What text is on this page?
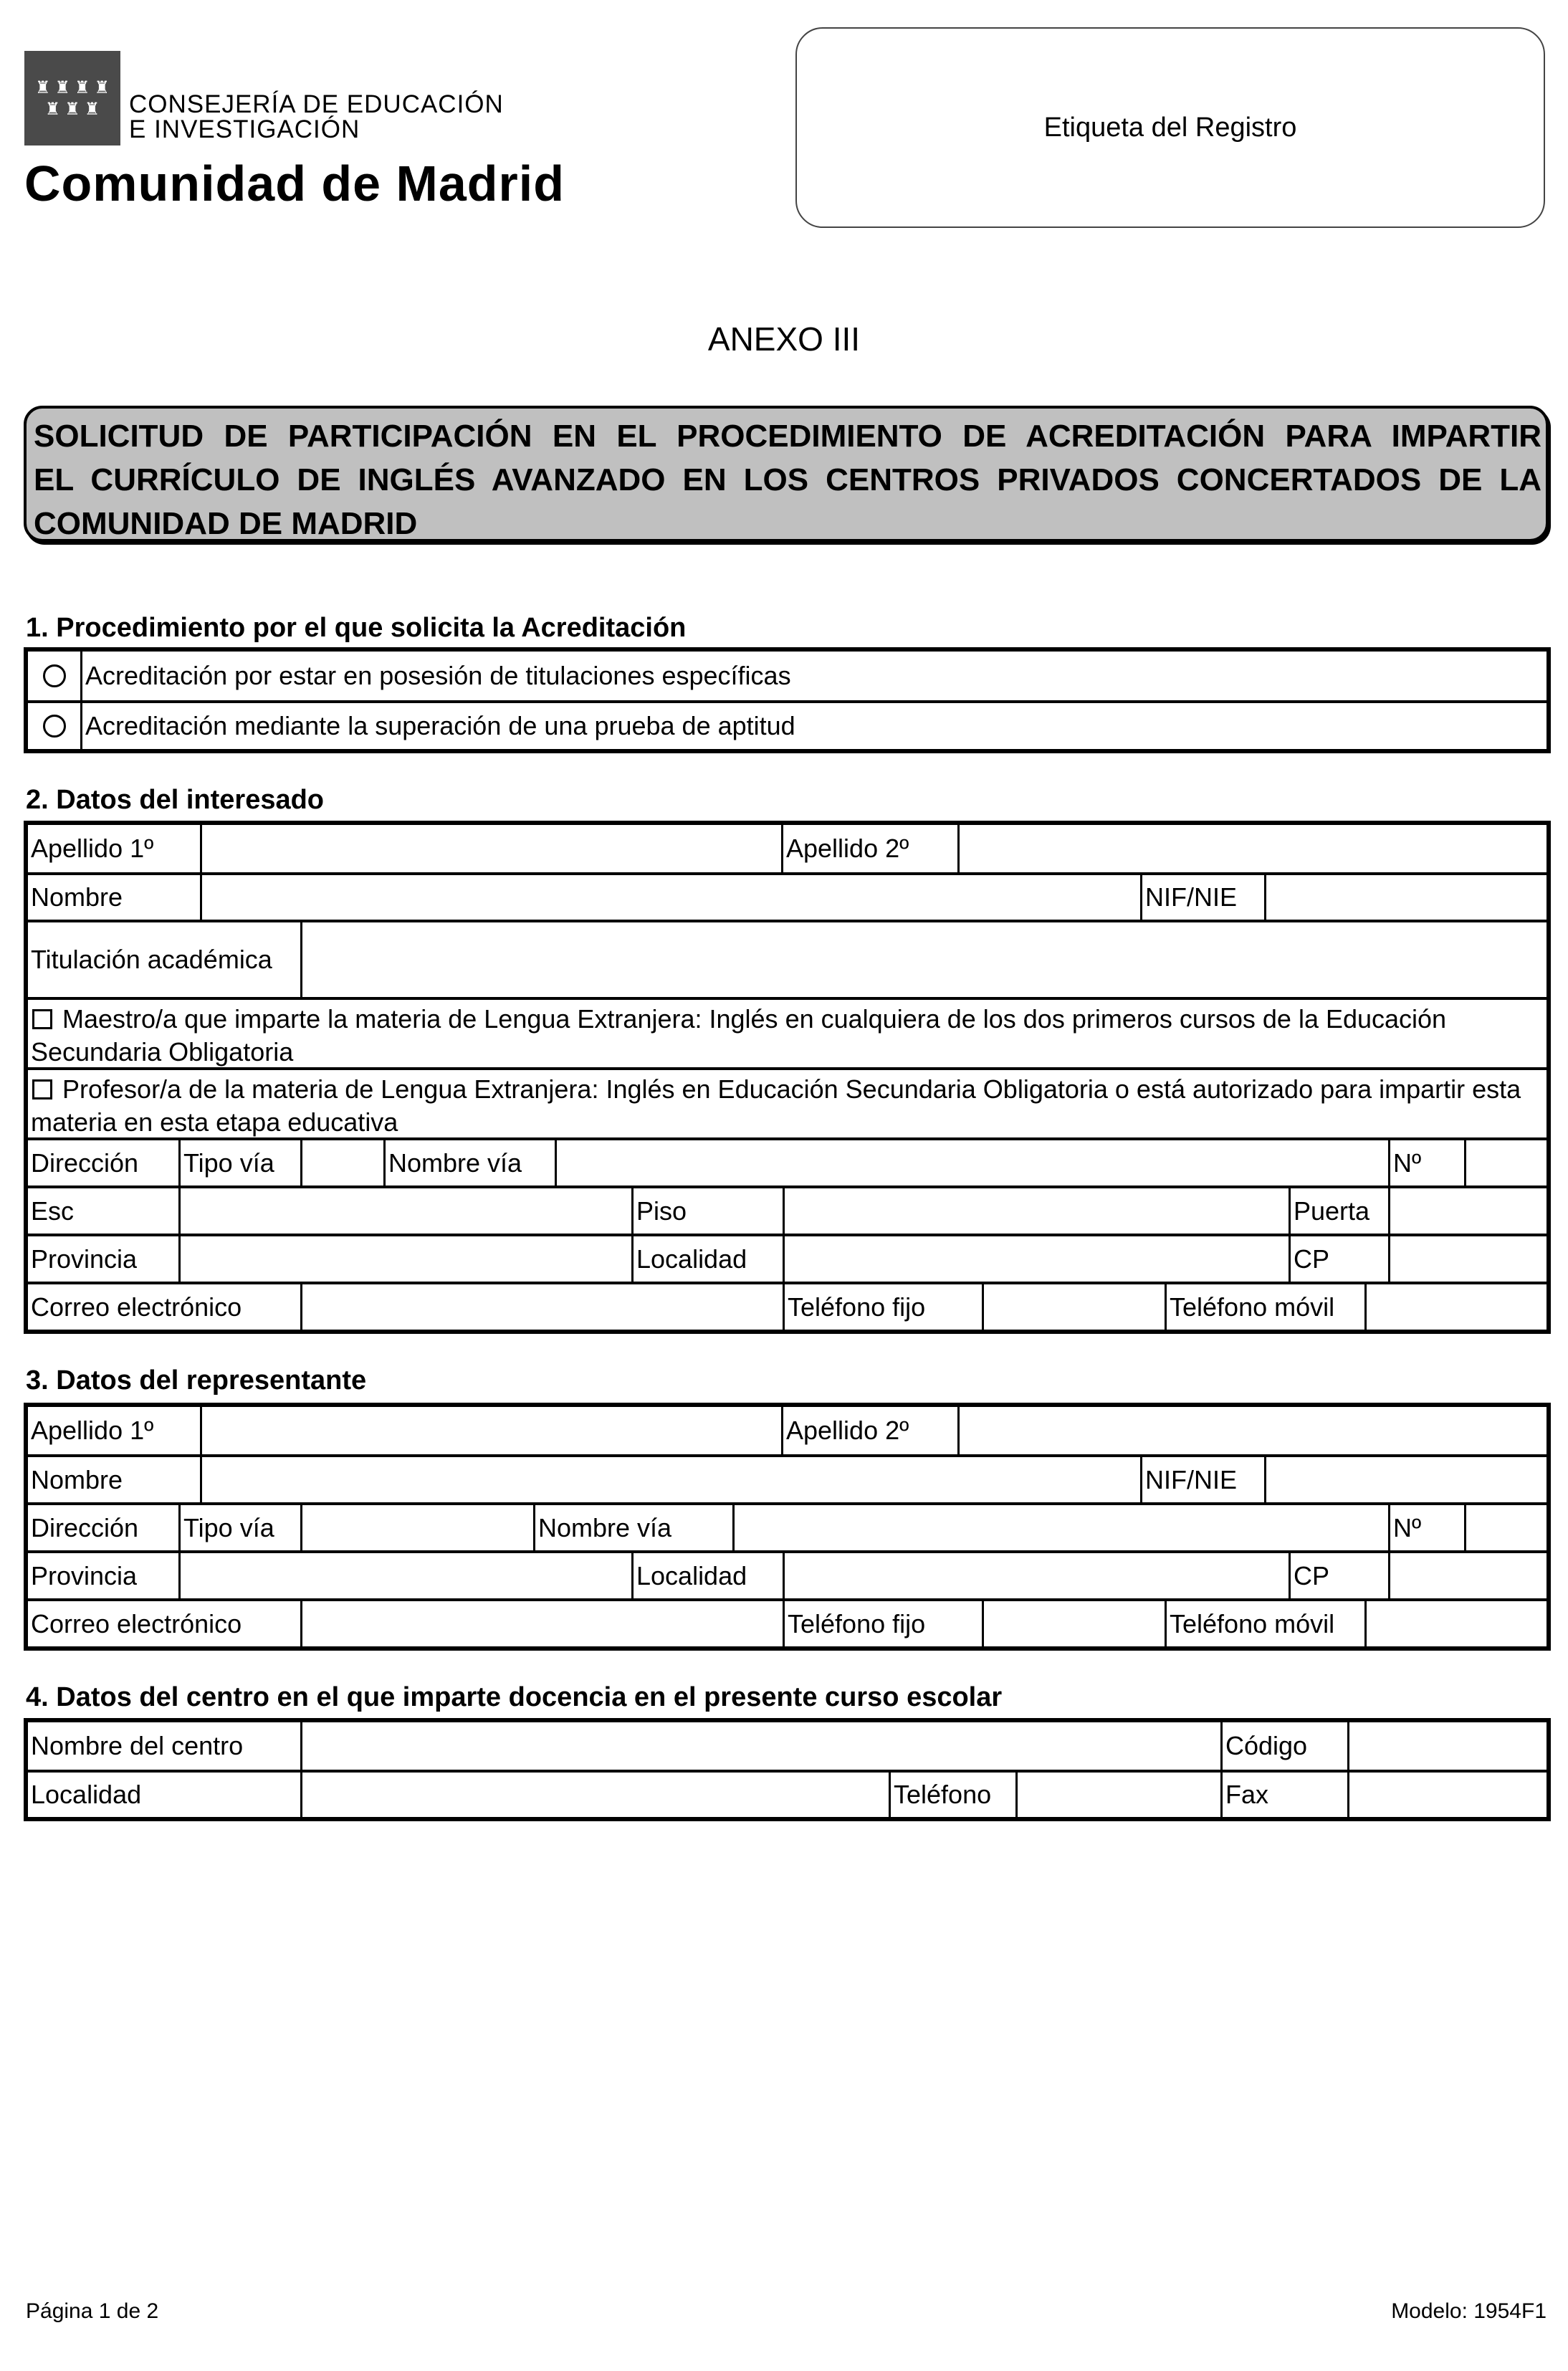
♜ ♜ ♜ ♜
♜ ♜ ♜ CONSEJERÍA DE EDUCACIÓN
E INVESTIGACIÓN
Comunidad de Madrid
Etiqueta del Registro
ANEXO III
SOLICITUD DE PARTICIPACIÓN EN EL PROCEDIMIENTO DE ACREDITACIÓN PARA IMPARTIR
EL CURRÍCULO DE INGLÉS AVANZADO EN LOS CENTROS PRIVADOS CONCERTADOS DE LA
COMUNIDAD DE MADRID
1. Procedimiento por el que solicita la Acreditación
Acreditación por estar en posesión de titulaciones específicas
Acreditación mediante la superación de una prueba de aptitud
2. Datos del interesado
Apellido 1º	Apellido 2º
Nombre	NIF/NIE
Titulación académica
Maestro/a que imparte la materia de Lengua Extranjera: Inglés en cualquiera de los dos primeros cursos de la Educación Secundaria Obligatoria
Profesor/a de la materia de Lengua Extranjera: Inglés en Educación Secundaria Obligatoria o está autorizado para impartir esta materia en esta etapa educativa
Dirección	Tipo vía	Nombre vía	Nº
Esc	Piso	Puerta
Provincia	Localidad	CP
Correo electrónico	Teléfono fijo	Teléfono móvil
3. Datos del representante
Apellido 1º	Apellido 2º
Nombre	NIF/NIE
Dirección	Tipo vía	Nombre vía	Nº
Provincia	Localidad	CP
Correo electrónico	Teléfono fijo	Teléfono móvil
4. Datos del centro en el que imparte docencia en el presente curso escolar
Nombre del centro	Código
Localidad	Teléfono	Fax
Página 1 de 2	Modelo: 1954F1
